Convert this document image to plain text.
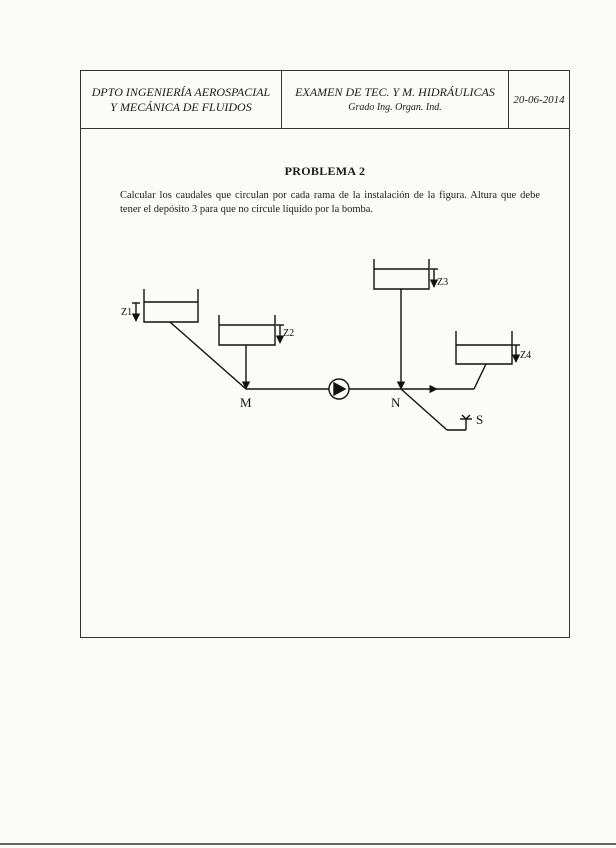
DPTO INGENIERÍA AEROSPACIAL
Y MECÁNICA DE FLUIDOS
EXAMEN DE TEC. Y M. HIDRÁULICAS
Grado Ing. Organ. Ind.
20-06-2014
PROBLEMA 2
Calcular los caudales que circulan por cada rama de la instalación de la figura. Altura que debe tener el depósito 3 para que no circule líquido por la bomba.
Z1
Z2
Z3
Z4
M	N
S
